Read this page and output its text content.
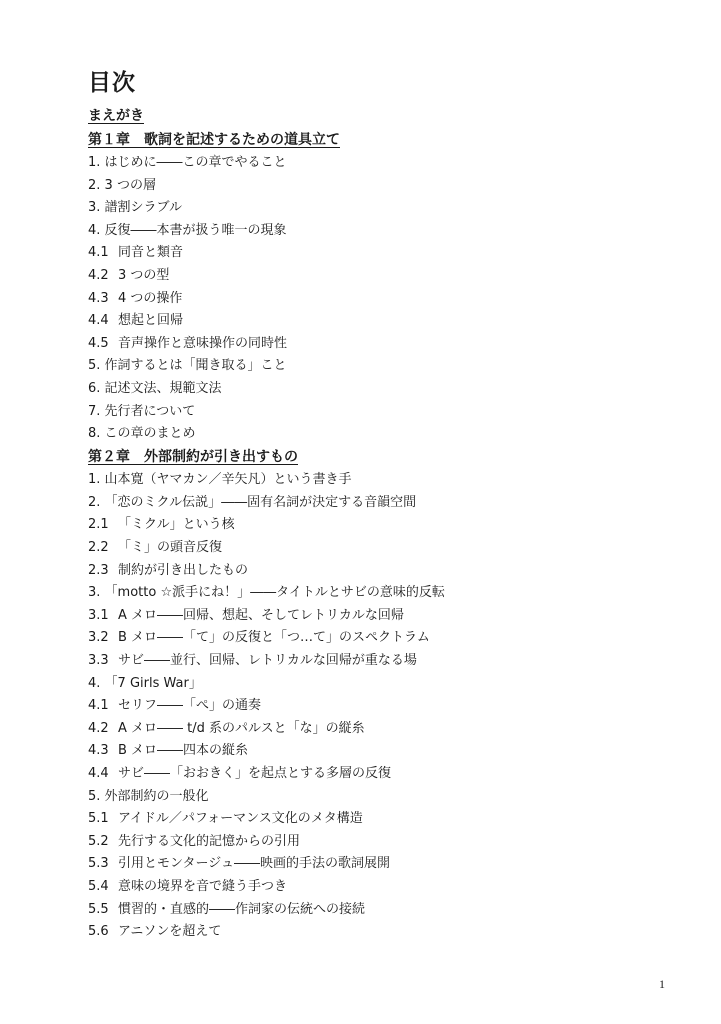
目次
まえがき
第１章　歌詞を記述するための道具立て
1. はじめに――この章でやること
2. 3 つの層
3. 譜割シラブル
4. 反復――本書が扱う唯一の現象
4.1 同音と類音
4.2 3 つの型
4.3 4 つの操作
4.4 想起と回帰
4.5 音声操作と意味操作の同時性
5. 作詞するとは「聞き取る」こと
6. 記述文法、規範文法
7. 先行者について
8. この章のまとめ
第２章　外部制約が引き出すもの
1. 山本寛（ヤマカン／辛矢凡）という書き手
2. 「恋のミクル伝説」――固有名詞が決定する音韻空間
2.1 「ミクル」という核
2.2 「ミ」の頭音反復
2.3 制約が引き出したもの
3. 「motto ☆派手にね！」――タイトルとサビの意味的反転
3.1 A メロ――回帰、想起、そしてレトリカルな回帰
3.2 B メロ――「て」の反復と「つ…て」のスペクトラム
3.3 サビ――並行、回帰、レトリカルな回帰が重なる場
4. 「7 Girls War」
4.1 セリフ――「ぺ」の通奏
4.2 A メロ―― t/d 系のパルスと「な」の縦糸
4.3 B メロ――四本の縦糸
4.4 サビ――「おおきく」を起点とする多層の反復
5. 外部制約の一般化
5.1 アイドル／パフォーマンス文化のメタ構造
5.2 先行する文化的記憶からの引用
5.3 引用とモンタージュ――映画的手法の歌詞展開
5.4 意味の境界を音で縫う手つき
5.5 慣習的・直感的――作詞家の伝統への接続
5.6 アニソンを超えて
1
